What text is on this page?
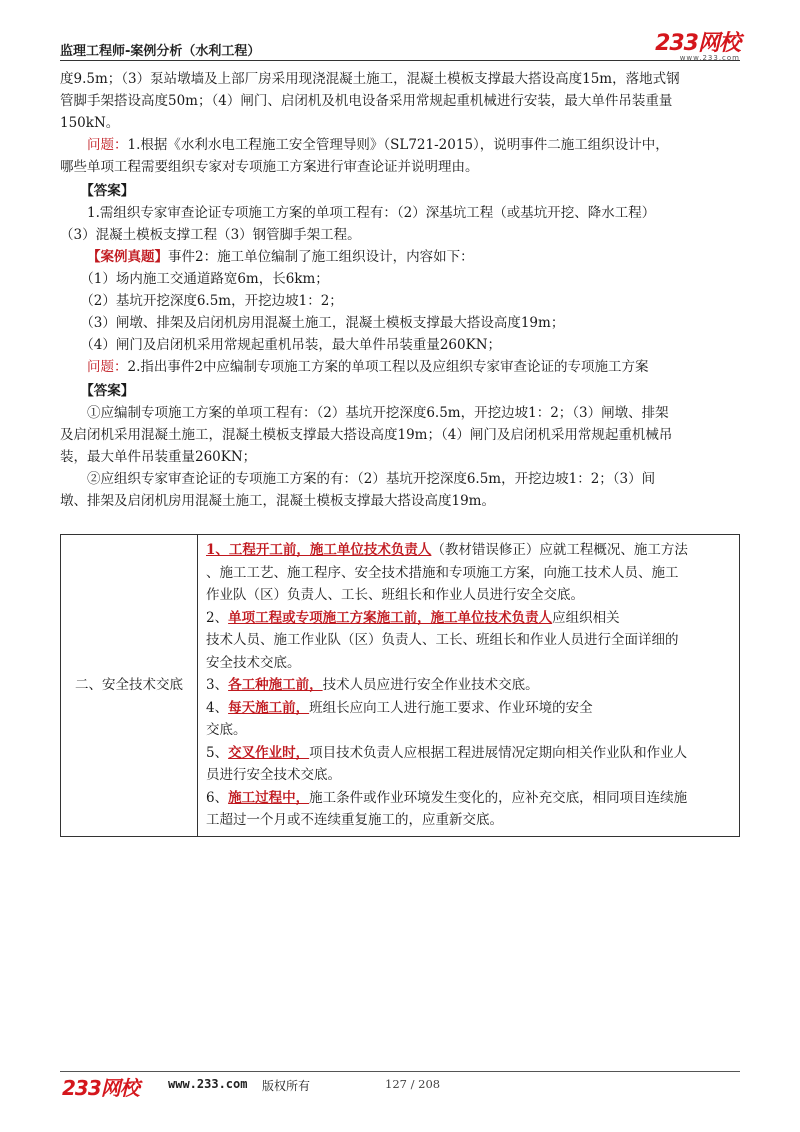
监理工程师-案例分析（水利工程）	233网校
www.233.com

度9.5m；（3）泵站墩墙及上部厂房采用现浇混凝土施工，混凝土模板支撑最大搭设高度15m，落地式钢

管脚手架搭设高度50m；（4）闸门、启闭机及机电设备采用常规起重机械进行安装，最大单件吊装重量

150kN。

问题：1.根据《水利水电工程施工安全管理导则》（SL721-2015），说明事件二施工组织设计中，

哪些单项工程需要组织专家对专项施工方案进行审查论证并说明理由。

【答案】

1.需组织专家审查论证专项施工方案的单项工程有：（2）深基坑工程（或基坑开挖、降水工程）

（3）混凝土模板支撑工程（3）钢管脚手架工程。

【案例真题】事件2：施工单位编制了施工组织设计，内容如下：

（1）场内施工交通道路宽6m，长6km；

（2）基坑开挖深度6.5m，开挖边坡1：2；

（3）闸墩、排架及启闭机房用混凝土施工，混凝土模板支撑最大搭设高度19m；

（4）闸门及启闭机采用常规起重机吊装，最大单件吊装重量260KN；

问题：2.指出事件2中应编制专项施工方案的单项工程以及应组织专家审查论证的专项施工方案

【答案】

①应编制专项施工方案的单项工程有：（2）基坑开挖深度6.5m，开挖边坡1：2；（3）闸墩、排架

及启闭机采用混凝土施工，混凝土模板支撑最大搭设高度19m；（4）闸门及启闭机采用常规起重机械吊

装，最大单件吊装重量260KN；

②应组织专家审查论证的专项施工方案的有：（2）基坑开挖深度6.5m，开挖边坡1：2；（3）间

墩、排架及启闭机房用混凝土施工，混凝土模板支撑最大搭设高度19m。

二、安全技术交底	
1、工程开工前，施工单位技术负责人（教材错误修正）应就工程概况、施工方法
、施工工艺、施工程序、安全技术措施和专项施工方案，向施工技术人员、施工
作业队（区）负责人、工长、班组长和作业人员进行安全交底。
2、单项工程或专项施工方案施工前，施工单位技术负责人应组织相关
技术人员、施工作业队（区）负责人、工长、班组长和作业人员进行全面详细的
安全技术交底。
3、各工种施工前，技术人员应进行安全作业技术交底。
4、每天施工前，班组长应向工人进行施工要求、作业环境的安全
交底。
5、交叉作业时，项目技术负责人应根据工程进展情况定期向相关作业队和作业人
员进行安全技术交底。
6、施工过程中，施工条件或作业环境发生变化的，应补充交底，相同项目连续施
工超过一个月或不连续重复施工的，应重新交底。
233网校 www.233.com 版权所有	127 / 208
